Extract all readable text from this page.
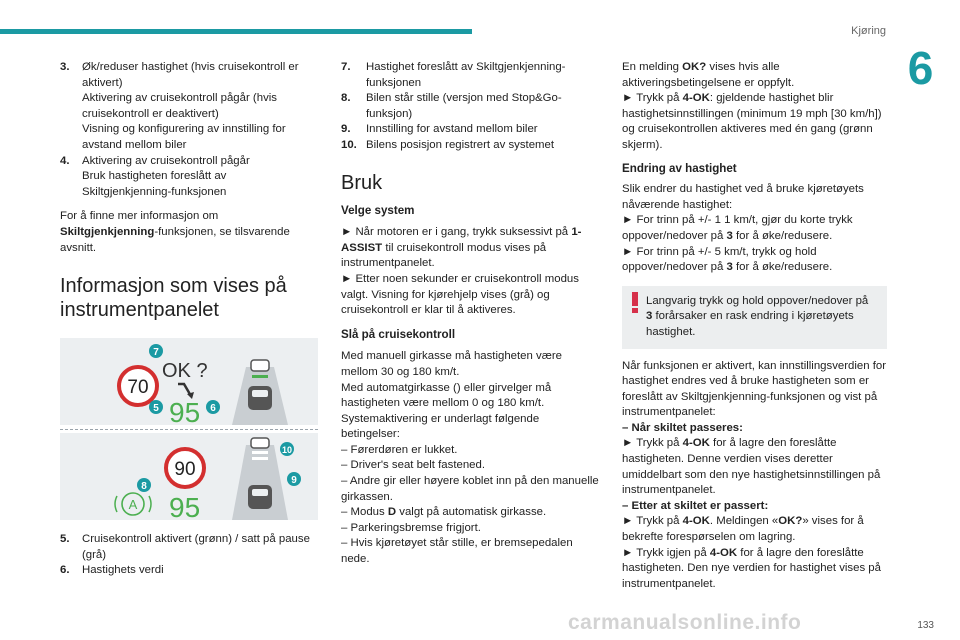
Kjøring
6
3.	Øk/reduser hastighet (hvis cruisekontroll er aktivert)
Aktivering av cruisekontroll pågår (hvis cruisekontroll er deaktivert)
Visning og konfigurering av innstilling for avstand mellom biler
4.	Aktivering av cruisekontroll pågår
Bruk hastigheten foreslått av Skiltgjenkjenning-funksjonen

For å finne mer informasjon om Skiltgjenkjenning-funksjonen, se tilsvarende avsnitt.

Informasjon som vises på instrumentpanelet
70
OK ?
95
7
5	6
90
95
A
8
10
9
5.	Cruisekontroll aktivert (grønn) / satt på pause (grå)
6.	Hastighets verdi
7.	Hastighet foreslått av Skiltgjenkjenning-funksjonen
8.	Bilen står stille (versjon med Stop&Go-funksjon)
9.	Innstilling for avstand mellom biler
10. Bilens posisjon registrert av systemet
Bruk
Velge system

► Når motoren er i gang, trykk suksessivt på 1-ASSIST til cruisekontroll modus vises på instrumentpanelet.

► Etter noen sekunder er cruisekontroll modus valgt. Visning for kjørehjelp vises (grå) og cruisekontroll er klar til å aktiveres.

Slå på cruisekontroll

Med manuell girkasse må hastigheten være mellom 30 og 180 km/t.

Med automatgirkasse () eller girvelger må hastigheten være mellom 0 og 180 km/t.

Systemaktivering er underlagt følgende betingelser:

– Førerdøren er lukket.

– Driver's seat belt fastened.

– Andre gir eller høyere koblet inn på den manuelle girkassen.

– Modus D valgt på automatisk girkasse.

– Parkeringsbremse frigjort.

– Hvis kjøretøyet står stille, er bremsepedalen nede.

En melding OK? vises hvis alle aktiveringsbetingelsene er oppfylt.

► Trykk på 4-OK: gjeldende hastighet blir hastighetsinnstillingen (minimum 19 mph [30 km/h]) og cruisekontrollen aktiveres med én gang (grønn skjerm).

Endring av hastighet

Slik endrer du hastighet ved å bruke kjøretøyets nåværende hastighet:

► For trinn på +/- 1 1 km/t, gjør du korte trykk oppover/nedover på 3 for å øke/redusere.

► For trinn på +/- 5 km/t, trykk og hold oppover/nedover på 3 for å øke/redusere.

Langvarig trykk og hold oppover/nedover på 3 forårsaker en rask endring i kjøretøyets hastighet.

Når funksjonen er aktivert, kan innstillingsverdien for hastighet endres ved å bruke hastigheten som er foreslått av Skiltgjenkjenning-funksjonen og vist på instrumentpanelet:

– Når skiltet passeres:

► Trykk på 4-OK for å lagre den foreslåtte hastigheten. Denne verdien vises deretter umiddelbart som den nye hastighetsinnstillingen på instrumentpanelet.

– Etter at skiltet er passert:

► Trykk på 4-OK. Meldingen «OK?» vises for å bekrefte forespørselen om lagring.

► Trykk igjen på 4-OK for å lagre den foreslåtte hastigheten. Den nye verdien for hastighet vises på instrumentpanelet.

carmanualsonline.info	133
